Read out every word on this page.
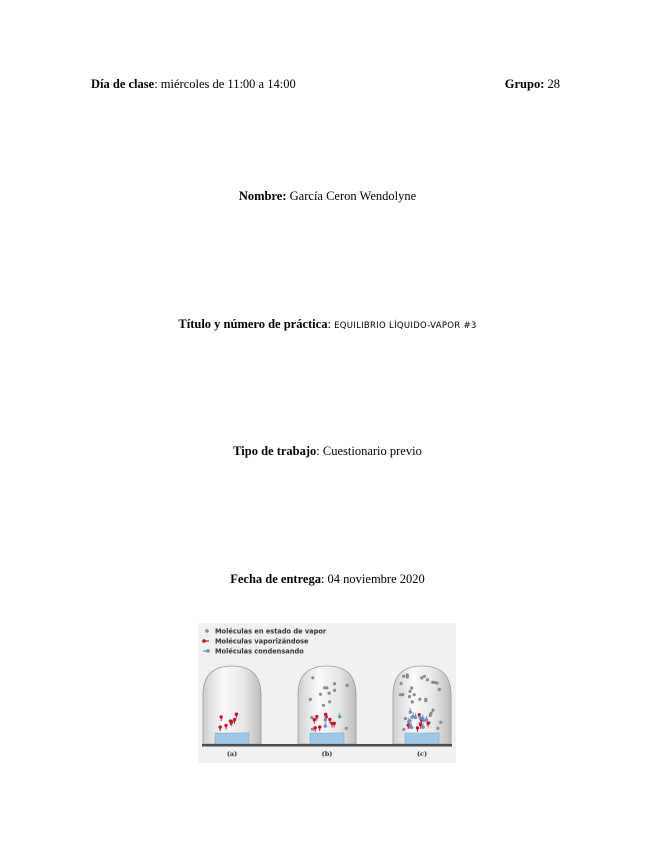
Día de clase: miércoles de 11:00 a 14:00	Grupo: 28
Nombre: García Ceron Wendolyne
Título y número de práctica: EQUILIBRIO LÍQUIDO-VAPOR #3
Tipo de trabajo: Cuestionario previo
Fecha de entrega: 04 noviembre 2020
Moléculas en estado de vapor
Moléculas vaporizándose
Moléculas condensando
(a)	(b)	(c)
